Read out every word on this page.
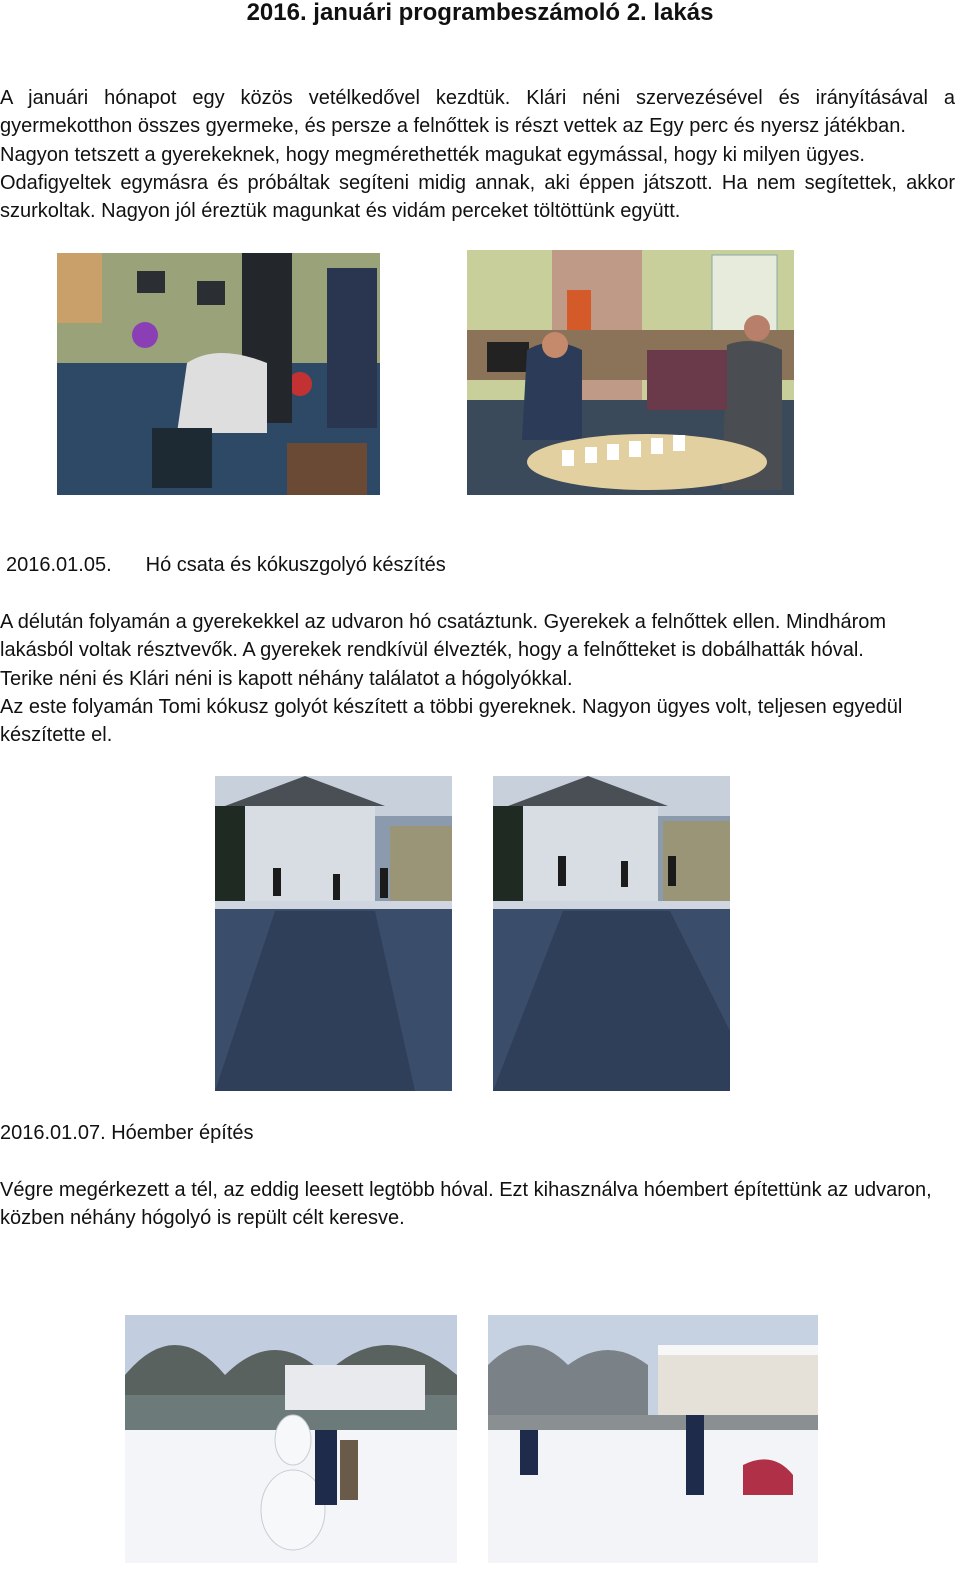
2016. januári programbeszámoló 2. lakás

A januári hónapot egy közös vetélkedővel kezdtük. Klári néni szervezésével és irányításával a gyermekotthon összes gyermeke, és persze a felnőttek is részt vettek az Egy perc és nyersz játékban.

Nagyon tetszett a gyerekeknek, hogy megmérethették magukat egymással, hogy ki milyen ügyes.

Odafigyeltek egymásra és próbáltak segíteni midig annak, aki éppen játszott. Ha nem segítettek, akkor szurkoltak. Nagyon jól éreztük magunkat és vidám perceket töltöttünk együtt.

2016.01.05. Hó csata és kókuszgolyó készítés

A délután folyamán a gyerekekkel az udvaron hó csatáztunk. Gyerekek a felnőttek ellen. Mindhárom lakásból voltak résztvevők. A gyerekek rendkívül élvezték, hogy a felnőtteket is dobálhatták hóval.

Terike néni és Klári néni is kapott néhány találatot a hógolyókkal.

Az este folyamán Tomi kókusz golyót készített a többi gyereknek. Nagyon ügyes volt, teljesen egyedül készítette el.

2016.01.07. Hóember építés

Végre megérkezett a tél, az eddig leesett legtöbb hóval. Ezt kihasználva hóembert építettünk az udvaron, közben néhány hógolyó is repült célt keresve.
